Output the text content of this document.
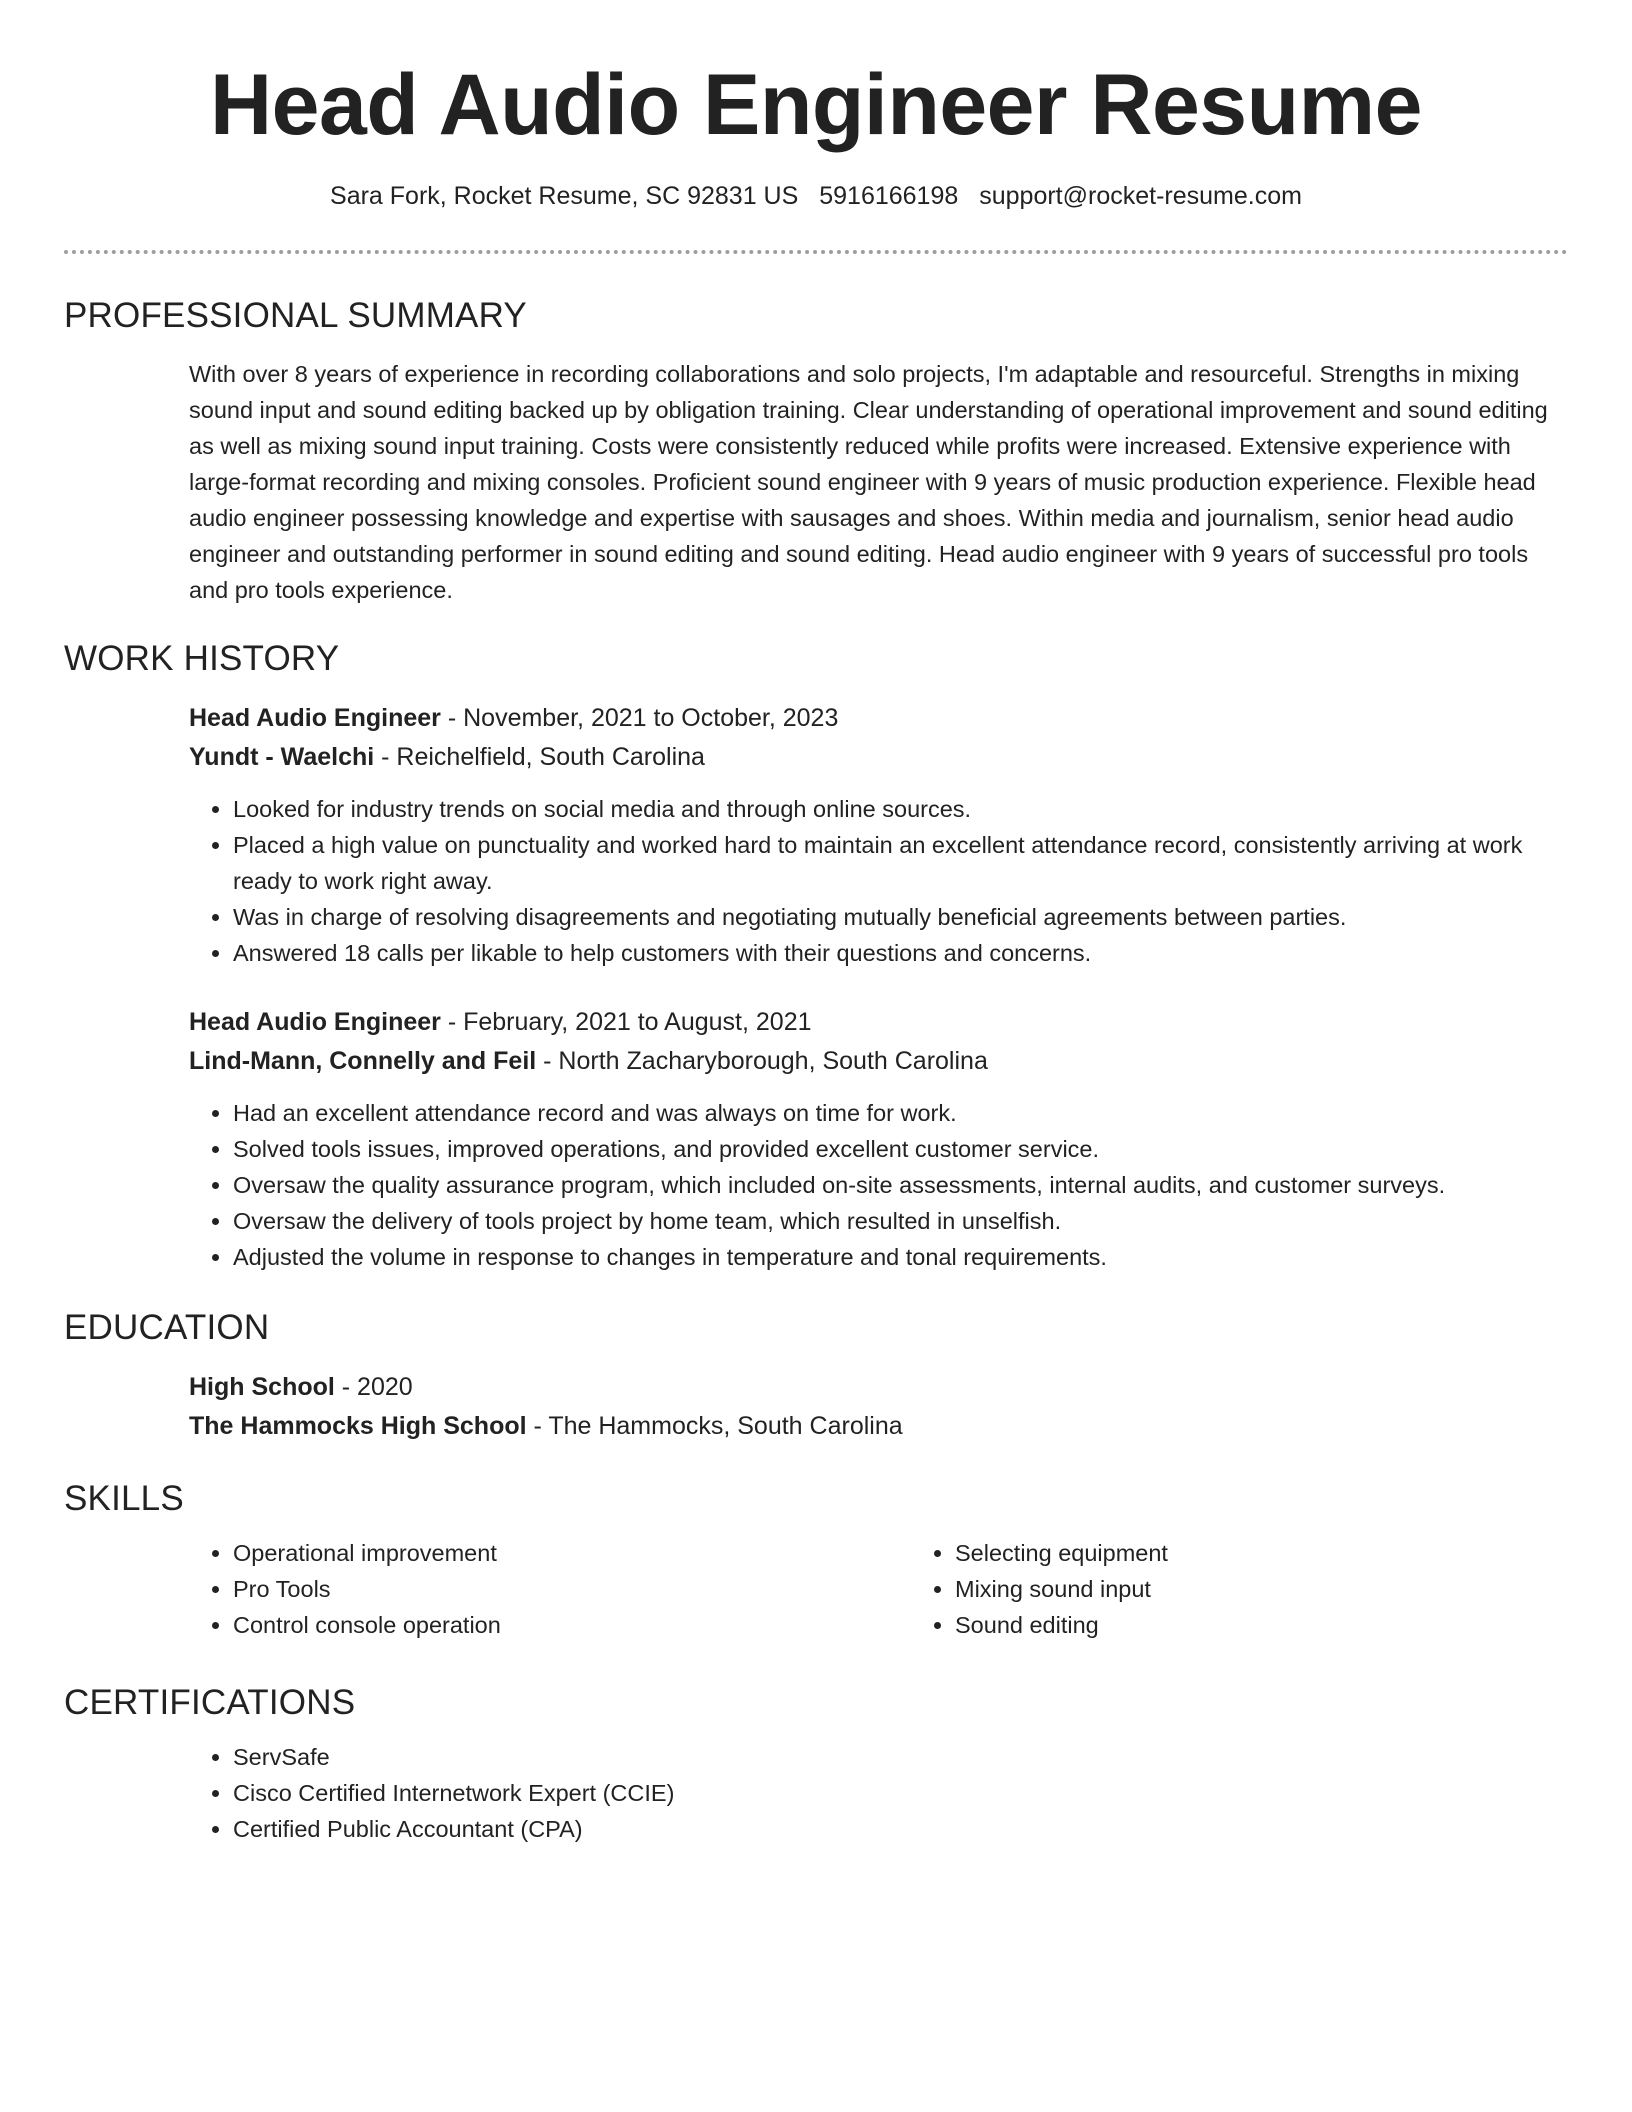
Head Audio Engineer Resume
Sara Fork, Rocket Resume, SC 92831 US 5916166198 support@rocket-resume.com
PROFESSIONAL SUMMARY
With over 8 years of experience in recording collaborations and solo projects, I'm adaptable and resourceful. Strengths in mixing sound input and sound editing backed up by obligation training. Clear understanding of operational improvement and sound editing as well as mixing sound input training. Costs were consistently reduced while profits were increased. Extensive experience with large-format recording and mixing consoles. Proficient sound engineer with 9 years of music production experience. Flexible head audio engineer possessing knowledge and expertise with sausages and shoes. Within media and journalism, senior head audio engineer and outstanding performer in sound editing and sound editing. Head audio engineer with 9 years of successful pro tools and pro tools experience.
WORK HISTORY
Head Audio Engineer - November, 2021 to October, 2023
Yundt - Waelchi - Reichelfield, South Carolina
• Looked for industry trends on social media and through online sources.
• Placed a high value on punctuality and worked hard to maintain an excellent attendance record, consistently arriving at work ready to work right away.
• Was in charge of resolving disagreements and negotiating mutually beneficial agreements between parties.
• Answered 18 calls per likable to help customers with their questions and concerns.
Head Audio Engineer - February, 2021 to August, 2021
Lind-Mann, Connelly and Feil - North Zacharyborough, South Carolina
• Had an excellent attendance record and was always on time for work.
• Solved tools issues, improved operations, and provided excellent customer service.
• Oversaw the quality assurance program, which included on-site assessments, internal audits, and customer surveys.
• Oversaw the delivery of tools project by home team, which resulted in unselfish.
• Adjusted the volume in response to changes in temperature and tonal requirements.
EDUCATION
High School - 2020
The Hammocks High School - The Hammocks, South Carolina
SKILLS
• Operational improvement
• Pro Tools
• Control console operation
• Selecting equipment
• Mixing sound input
• Sound editing
CERTIFICATIONS
• ServSafe
• Cisco Certified Internetwork Expert (CCIE)
• Certified Public Accountant (CPA)
